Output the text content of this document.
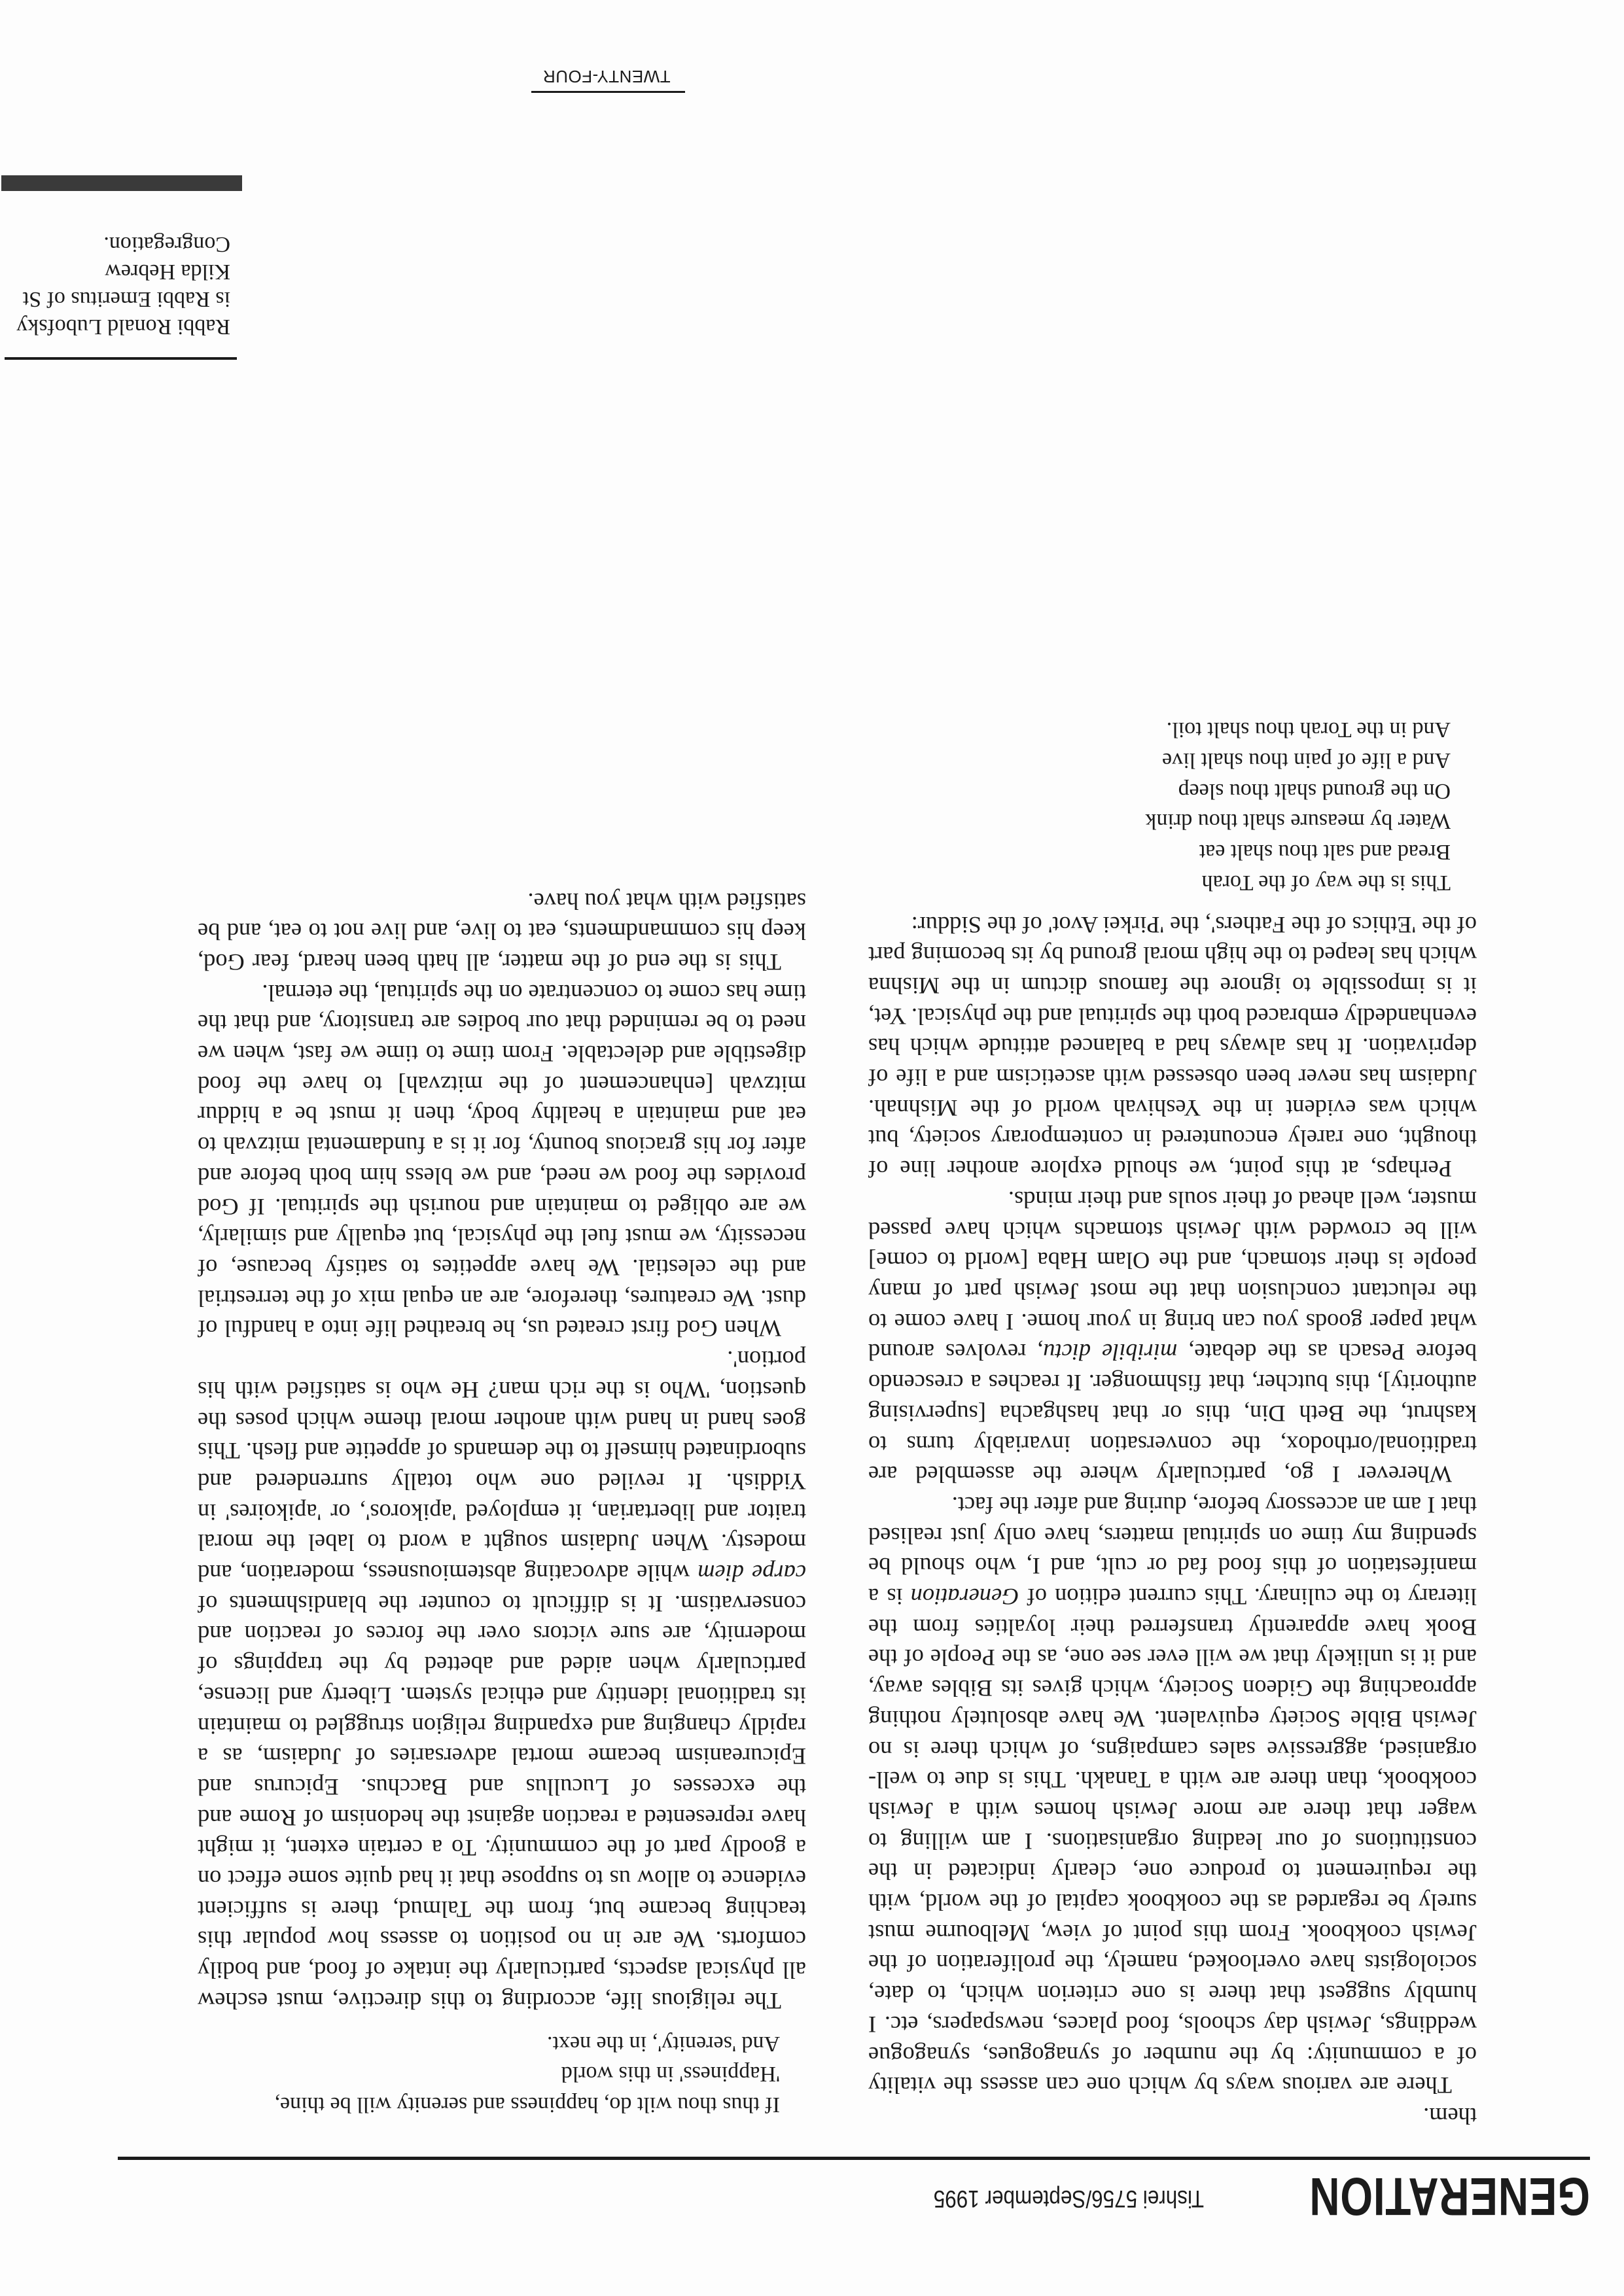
GENERATION
Tishrei 5756/September 1995

them.

There are various ways by which one can assess the vitality of a community: by the number of synagogues, synagogue weddings, Jewish day schools, food places, newspapers, etc. I humbly suggest that there is one criterion which, to date, sociologists have overlooked, namely, the proliferation of the Jewish cookbook. From this point of view, Melbourne must surely be regarded as the cookbook capital of the world, with the requirement to produce one, clearly indicated in the constitutions of our leading organisations. I am willing to wager that there are more Jewish homes with a Jewish cookbook, than there are with a Tanakh. This is due to well-organised, aggressive sales campaigns, of which there is no Jewish Bible Society equivalent. We have absolutely nothing approaching the Gideon Society, which gives its Bibles away, and it is unlikely that we will ever see one, as the People of the Book have apparently transferred their loyalties from the literary to the culinary. This current edition of Generation is a manifestation of this food fad or cult, and I, who should be spending my time on spiritual matters, have only just realised that I am an accessory before, during and after the fact.

Wherever I go, particularly where the assembled are traditional/orthodox, the conversation invariably turns to kashrut, the Beth Din, this or that hashgacha [supervising authority], this butcher, that fishmonger. It reaches a crescendo before Pesach as the debate, miribile dictu, revolves around what paper goods you can bring in your home. I have come to the reluctant conclusion that the most Jewish part of many people is their stomach, and the Olam Haba [world to come] will be crowded with Jewish stomachs which have passed muster, well ahead of their souls and their minds.

Perhaps, at this point, we should explore another line of thought, one rarely encountered in contemporary society, but which was evident in the Yeshivah world of the Mishnah. Judaism has never been obsessed with asceticism and a life of deprivation. It has always had a balanced attitude which has evenhandedly embraced both the spiritual and the physical. Yet, it is impossible to ignore the famous dictum in the Mishna which has leaped to the high moral ground by its becoming part of the 'Ethics of the Fathers', the 'Pirkei Avot' of the Siddur:

This is the way of the Torah
Bread and salt thou shalt eat
Water by measure shalt thou drink
On the ground shalt thou sleep
And a life of pain thou shalt live
And in the Torah thou shalt toil.
If thus thou wilt do, happiness and serenity will be thine,
'Happiness' in this world
And 'serenity', in the next.

The religious life, according to this directive, must eschew all physical aspects, particularly the intake of food, and bodily comforts. We are in no position to assess how popular this teaching became but, from the Talmud, there is sufficient evidence to allow us to suppose that it had quite some effect on a goodly part of the community. To a certain extent, it might have represented a reaction against the hedonism of Rome and the excesses of Lucullus and Bacchus. Epicurus and Epicureanism became mortal adversaries of Judaism, as a rapidly changing and expanding religion struggled to maintain its traditional identity and ethical system. Liberty and license, particularly when aided and abetted by the trappings of modernity, are sure victors over the forces of reaction and conservatism. It is difficult to counter the blandishments of carpe diem while advocating abstemiousness, moderation, and modesty. When Judaism sought a word to label the moral traitor and libertarian, it employed 'apikoros', or 'apikoires' in Yiddish. It reviled one who totally surrendered and subordinated himself to the demands of appetite and flesh. This goes hand in hand with another moral theme which poses the question, 'Who is the rich man? He who is satisfied with his portion'.

When God first created us, he breathed life into a handful of dust. We creatures, therefore, are an equal mix of the terrestrial and the celestial. We have appetites to satisfy because, of necessity, we must fuel the physical, but equally and similarly, we are obliged to maintain and nourish the spiritual. If God provides the food we need, and we bless him both before and after for his gracious bounty, for it is a fundamental mitzvah to eat and maintain a healthy body, then it must be a hiddur mitzvah [enhancement of the mitzvah] to have the food digestible and delectable. From time to time we fast, when we need to be reminded that our bodies are transitory, and that the time has come to concentrate on the spiritual, the eternal.

This is the end of the matter, all hath been heard, fear God, keep his commandments, eat to live, and live not to eat, and be satisfied with what you have.

Rabbi Ronald Lubofsky
is Rabbi Emeritus of St
Kilda Hebrew
Congregation.
TWENTY-FOUR
